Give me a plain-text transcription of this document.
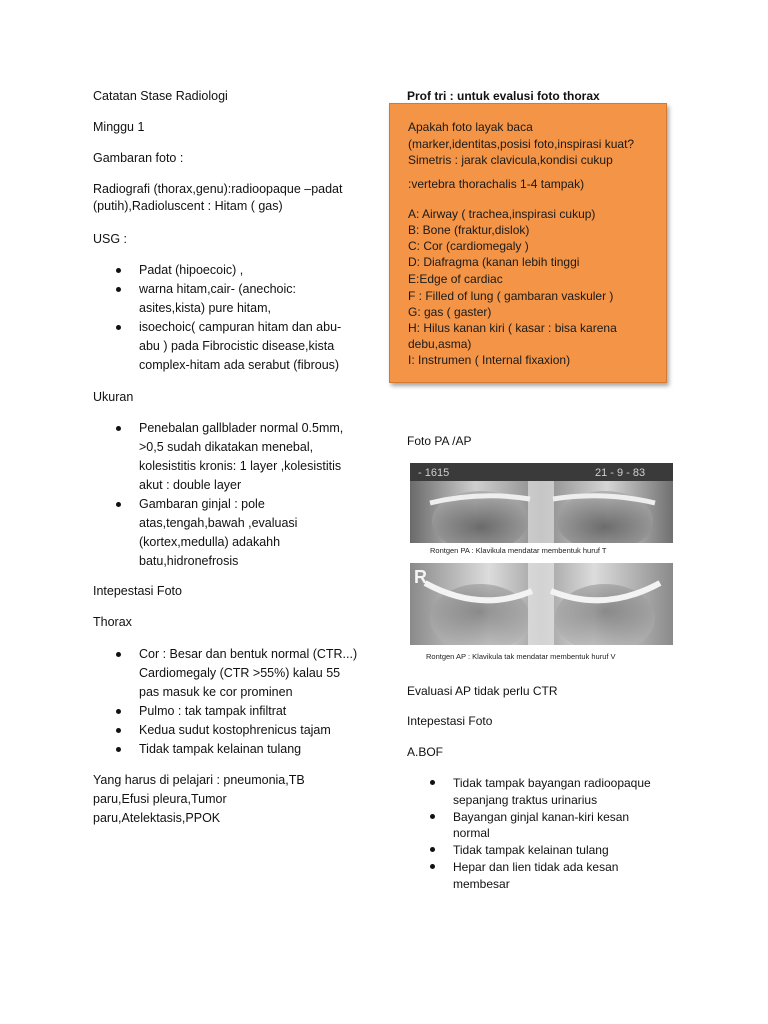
Catatan Stase Radiologi
Minggu 1
Gambaran foto :
Radiografi (thorax,genu):radioopaque –padat
(putih),Radioluscent : Hitam ( gas)
USG :
Padat (hipoecoic) ,
warna hitam,cair- (anechoic:
asites,kista) pure hitam,
isoechoic( campuran hitam dan abu-
abu ) pada Fibrocistic disease,kista
complex-hitam ada serabut (fibrous)
Ukuran
Penebalan gallblader normal 0.5mm,
>0,5 sudah dikatakan menebal,
kolesistitis kronis: 1 layer ,kolesistitis
akut : double layer
Gambaran ginjal : pole
atas,tengah,bawah ,evaluasi
(kortex,medulla) adakahh
batu,hidronefrosis
Intepestasi Foto
Thorax
Cor : Besar dan bentuk normal (CTR...)
Cardiomegaly (CTR >55%) kalau 55
pas masuk ke cor prominen
Pulmo : tak tampak infiltrat
Kedua sudut kostophrenicus tajam
Tidak tampak kelainan tulang
Yang harus di pelajari : pneumonia,TB
paru,Efusi pleura,Tumor
paru,Atelektasis,PPOK
Prof tri : untuk evalusi foto thorax
Apakah foto layak baca
(marker,identitas,posisi foto,inspirasi kuat?
Simetris : jarak clavicula,kondisi cukup
:vertebra thorachalis 1-4 tampak)
A: Airway ( trachea,inspirasi cukup)
B: Bone (fraktur,dislok)
C: Cor (cardiomegaly )
D: Diafragma (kanan lebih tinggi
E:Edge of cardiac
F : Filled of lung ( gambaran vaskuler )
G: gas ( gaster)
H: Hilus kanan kiri ( kasar : bisa karena
debu,asma)
I: Instrumen ( Internal fixaxion)
Foto PA /AP
- 1615	21 - 9 - 83
Rontgen PA : Klavikula mendatar membentuk huruf T
R
Rontgen AP : Klavikula tak mendatar membentuk huruf V
Evaluasi AP tidak perlu CTR
Intepestasi Foto
A.BOF
Tidak tampak bayangan radioopaque
sepanjang traktus urinarius
Bayangan ginjal kanan-kiri kesan
normal
Tidak tampak kelainan tulang
Hepar dan lien tidak ada kesan
membesar
